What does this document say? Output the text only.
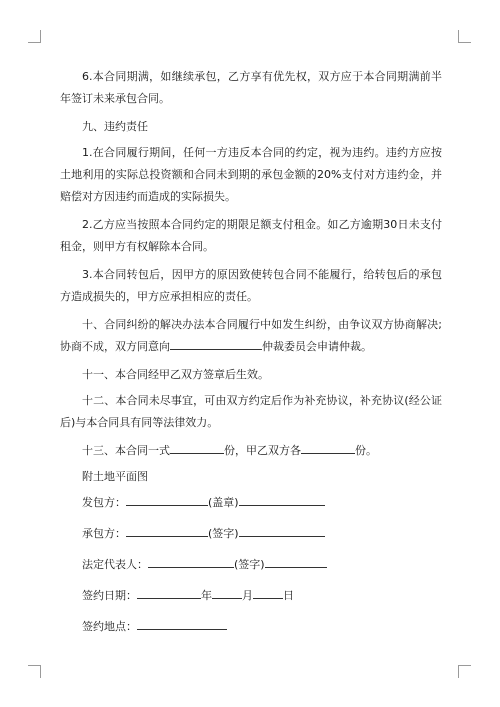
6.本合同期满，如继续承包，乙方享有优先权，双方应于本合同期满前半年签订未来承包合同。

九、违约责任

1.在合同履行期间，任何一方违反本合同的约定，视为违约。违约方应按土地利用的实际总投资额和合同未到期的承包金额的20%支付对方违约金，并赔偿对方因违约而造成的实际损失。

2.乙方应当按照本合同约定的期限足额支付租金。如乙方逾期30日未支付租金，则甲方有权解除本合同。

3.本合同转包后，因甲方的原因致使转包合同不能履行，给转包后的承包方造成损失的，甲方应承担相应的责任。

十、合同纠纷的解决办法本合同履行中如发生纠纷，由争议双方协商解决;协商不成，双方同意向	仲裁委员会申请仲裁。

十一、本合同经甲乙双方签章后生效。

十二、本合同未尽事宜，可由双方约定后作为补充协议，补充协议(经公证后)与本合同具有同等法律效力。

十三、本合同一式	份，甲乙双方各	份。

附土地平面图

发包方：	(盖章)
承包方：	(签字)
法定代表人：	(签字)
签约日期：	年	月	日
签约地点：
